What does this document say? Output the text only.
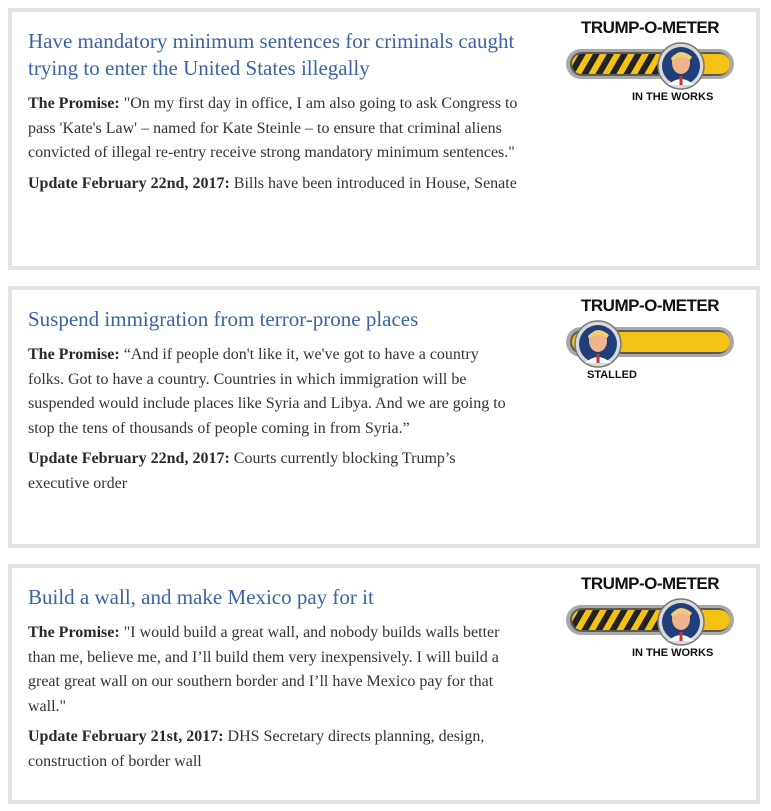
Have mandatory minimum sentences for criminals caught trying to enter the United States illegally

The Promise: "On my first day in office, I am also going to ask Congress to pass 'Kate's Law' – named for Kate Steinle – to ensure that criminal aliens convicted of illegal re-entry receive strong mandatory minimum sentences."

Update February 22nd, 2017: Bills have been introduced in House, Senate

TRUMP-O-METER
IN THE WORKS
Suspend immigration from terror-prone places

The Promise: “And if people don't like it, we've got to have a country folks. Got to have a country. Countries in which immigration will be suspended would include places like Syria and Libya. And we are going to stop the tens of thousands of people coming in from Syria.”

Update February 22nd, 2017: Courts currently blocking Trump’s executive order

TRUMP-O-METER
STALLED
Build a wall, and make Mexico pay for it

The Promise: "I would build a great wall, and nobody builds walls better than me, believe me, and I’ll build them very inexpensively. I will build a great great wall on our southern border and I’ll have Mexico pay for that wall."

Update February 21st, 2017: DHS Secretary directs planning, design, construction of border wall

TRUMP-O-METER
IN THE WORKS
